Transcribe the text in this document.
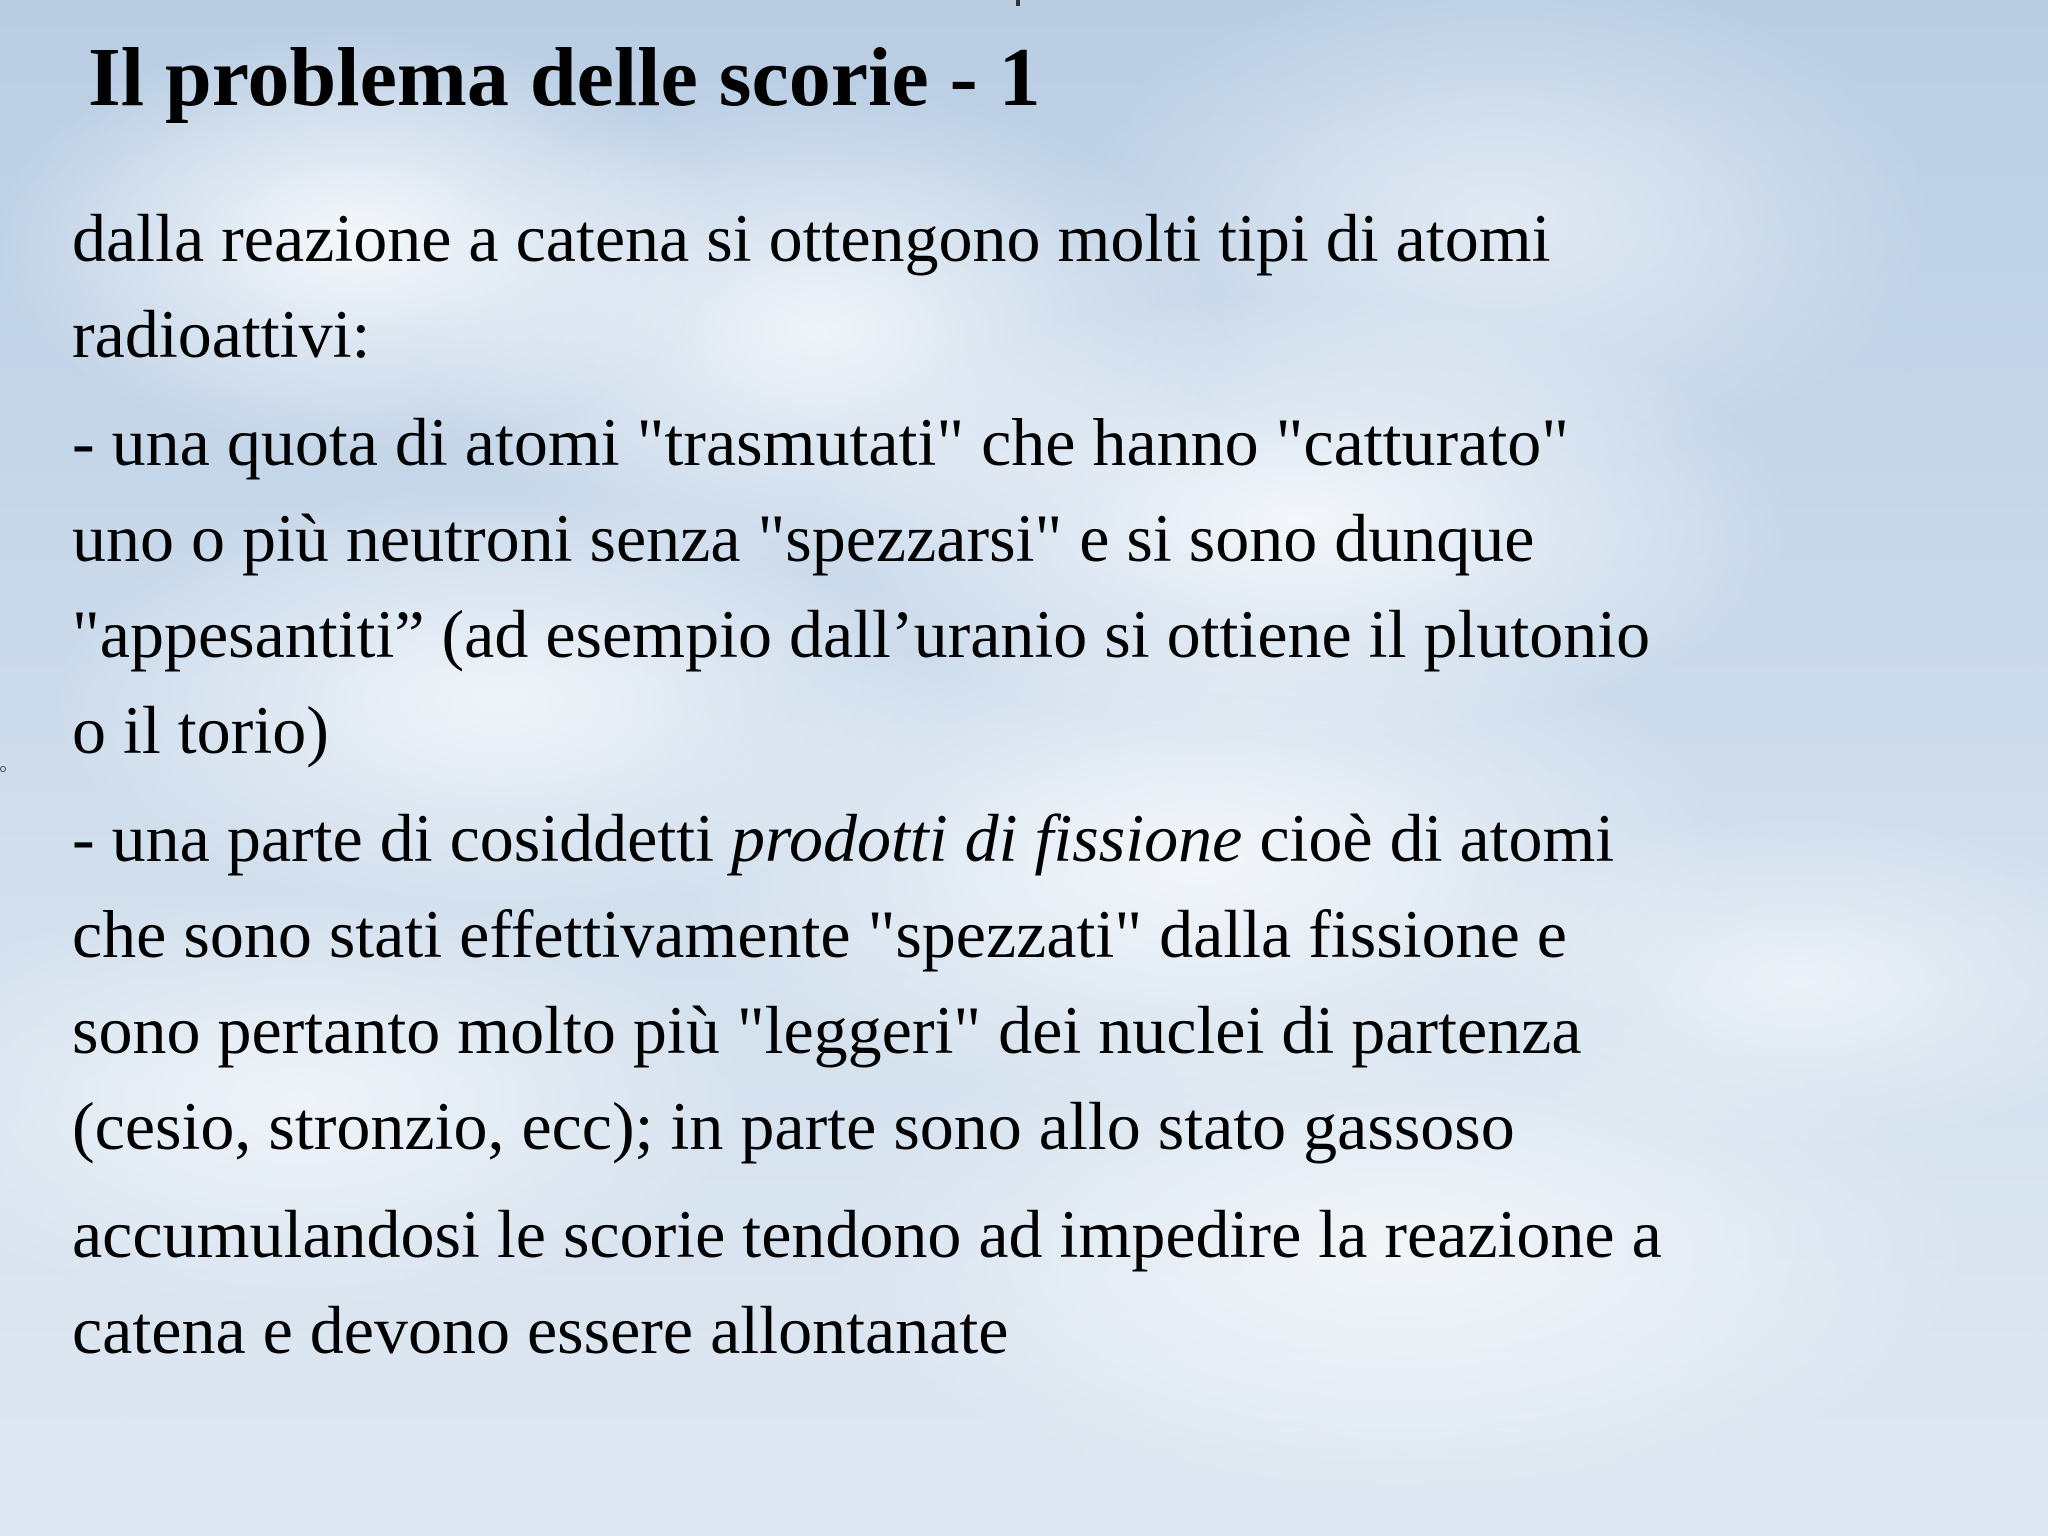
Il problema delle scorie - 1

dalla reazione a catena si ottengono molti tipi di atomi
radioattivi:

- una quota di atomi "trasmutati" che hanno "catturato"
uno o più neutroni senza "spezzarsi" e si sono dunque
"appesantiti” (ad esempio dall’uranio si ottiene il plutonio
o il torio)

- una parte di cosiddetti prodotti di fissione cioè di atomi
che sono stati effettivamente "spezzati" dalla fissione e
sono pertanto molto più "leggeri" dei nuclei di partenza
(cesio, stronzio, ecc); in parte sono allo stato gassoso

accumulandosi le scorie tendono ad impedire la reazione a
catena e devono essere allontanate
